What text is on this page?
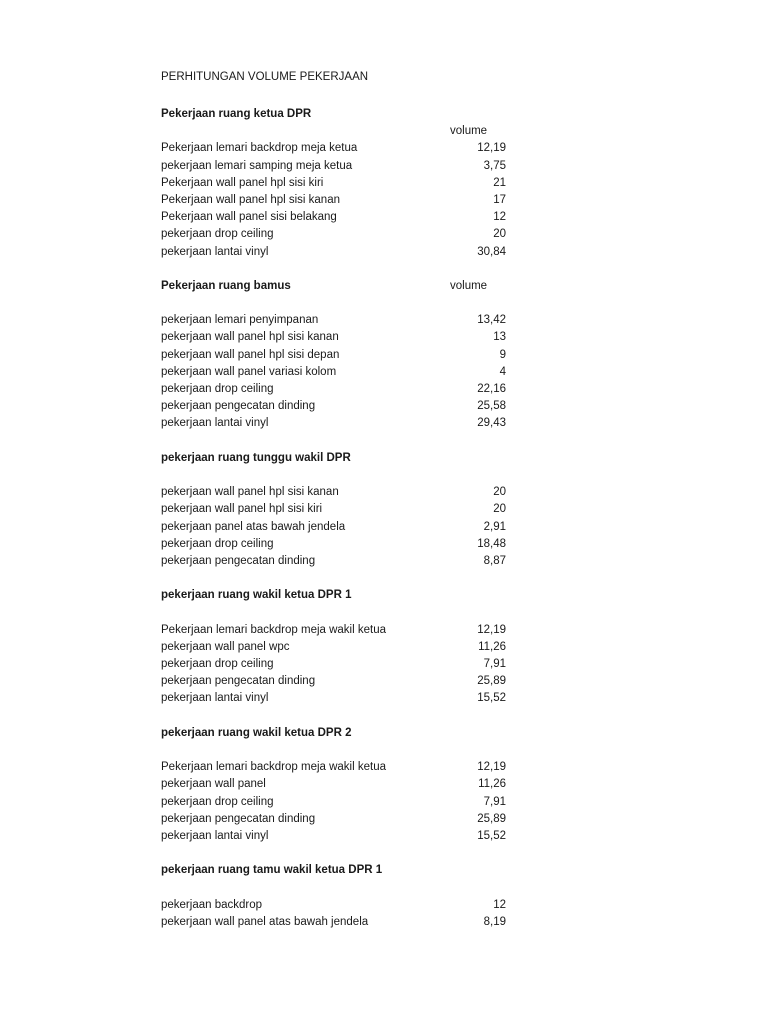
PERHITUNGAN VOLUME PEKERJAAN
Pekerjaan ruang ketua DPR
volume
Pekerjaan lemari backdrop meja ketua	12,19
pekerjaan lemari samping meja ketua	3,75
Pekerjaan wall panel hpl sisi kiri	21
Pekerjaan wall panel hpl sisi kanan	17
Pekerjaan wall panel sisi belakang	12
pekerjaan drop ceiling	20
pekerjaan lantai vinyl	30,84
Pekerjaan ruang bamus	volume
pekerjaan lemari penyimpanan	13,42
pekerjaan wall panel hpl sisi kanan	13
pekerjaan wall panel hpl sisi depan	9
pekerjaan wall panel variasi kolom	4
pekerjaan drop ceiling	22,16
pekerjaan pengecatan dinding	25,58
pekerjaan lantai vinyl	29,43
pekerjaan ruang tunggu wakil DPR
pekerjaan wall panel hpl sisi kanan	20
pekerjaan wall panel hpl sisi kiri	20
pekerjaan panel atas bawah jendela	2,91
pekerjaan drop ceiling	18,48
pekerjaan pengecatan dinding	8,87
pekerjaan ruang wakil ketua DPR 1
Pekerjaan lemari backdrop meja wakil ketua	12,19
pekerjaan wall panel wpc	11,26
pekerjaan drop ceiling	7,91
pekerjaan pengecatan dinding	25,89
pekerjaan lantai vinyl	15,52
pekerjaan ruang wakil ketua DPR 2
Pekerjaan lemari backdrop meja wakil ketua	12,19
pekerjaan wall panel	11,26
pekerjaan drop ceiling	7,91
pekerjaan pengecatan dinding	25,89
pekerjaan lantai vinyl	15,52
pekerjaan ruang tamu wakil ketua DPR 1
pekerjaan backdrop	12
pekerjaan wall panel atas bawah jendela	8,19
